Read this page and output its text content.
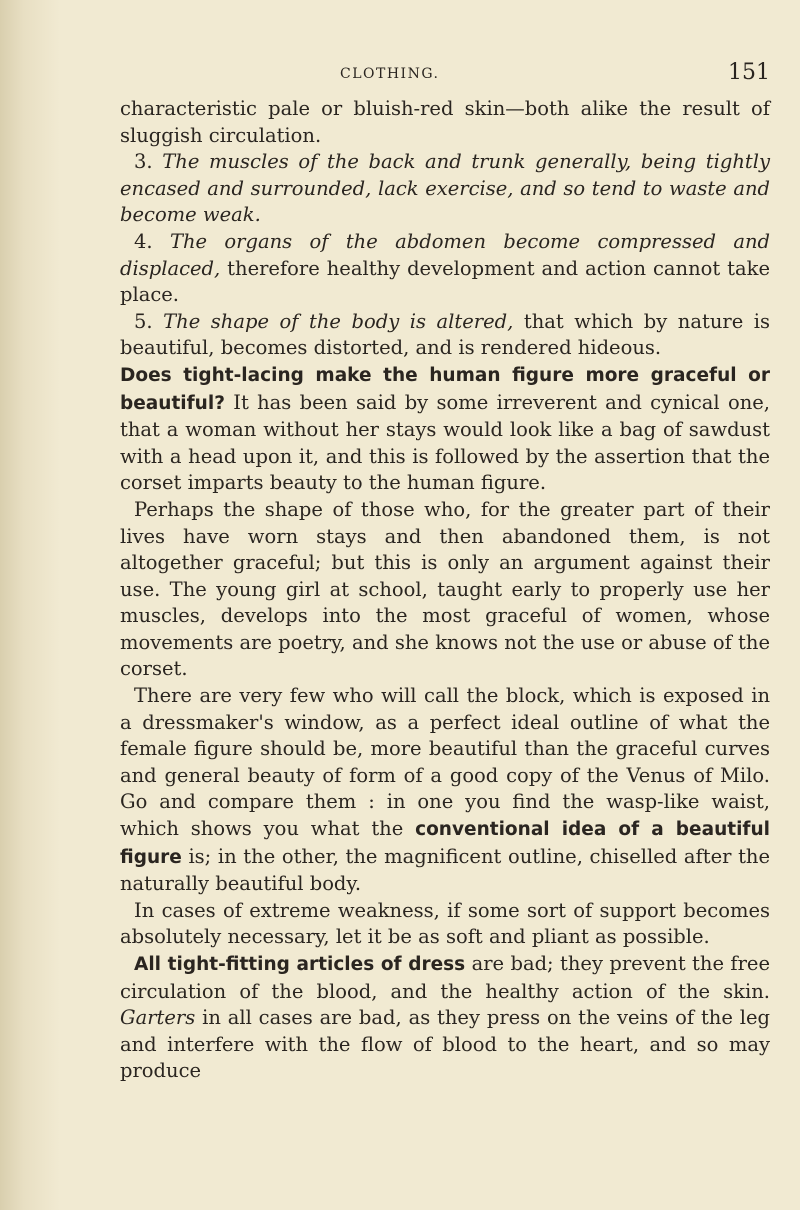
CLOTHING.	151

characteristic pale or bluish-red skin—both alike the result of sluggish circulation.

3. The muscles of the back and trunk generally, being tightly encased and surrounded, lack exercise, and so tend to waste and become weak.

4. The organs of the abdomen become compressed and displaced, therefore healthy development and action cannot take place.

5. The shape of the body is altered, that which by nature is beautiful, becomes distorted, and is rendered hideous.

Does tight-lacing make the human figure more graceful or beautiful? It has been said by some irreverent and cynical one, that a woman without her stays would look like a bag of sawdust with a head upon it, and this is followed by the assertion that the corset imparts beauty to the human figure.

Perhaps the shape of those who, for the greater part of their lives have worn stays and then abandoned them, is not altogether graceful; but this is only an argument against their use. The young girl at school, taught early to properly use her muscles, develops into the most graceful of women, whose movements are poetry, and she knows not the use or abuse of the corset.

There are very few who will call the block, which is exposed in a dressmaker's window, as a perfect ideal outline of what the female figure should be, more beautiful than the graceful curves and general beauty of form of a good copy of the Venus of Milo. Go and compare them : in one you find the wasp-like waist, which shows you what the conventional idea of a beautiful figure is; in the other, the magnificent outline, chiselled after the naturally beautiful body.

In cases of extreme weakness, if some sort of support becomes absolutely necessary, let it be as soft and pliant as possible.

All tight-fitting articles of dress are bad; they prevent the free circulation of the blood, and the healthy action of the skin. Garters in all cases are bad, as they press on the veins of the leg and interfere with the flow of blood to the heart, and so may produce
